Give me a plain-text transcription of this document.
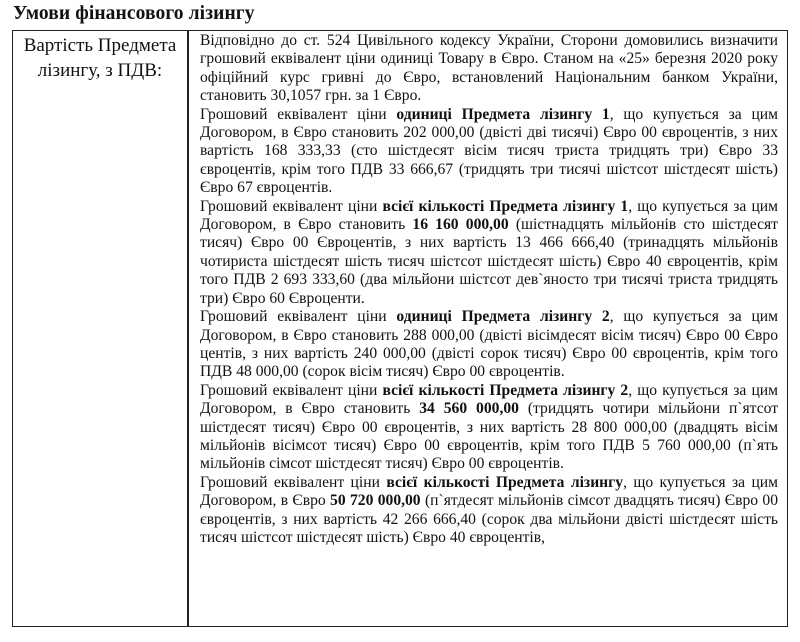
Умови фінансового лізингу
Вартість Предмета лізингу, з ПДВ:

Відповідно до ст. 524 Цивільного кодексу України, Сторони домовились визначити грошовий еквівалент ціни одиниці Товару в Євро. Станом на «25» березня 2020 року офіційний курс гривні до Євро, встановлений Національним банком України, становить 30,1057 грн. за 1 Євро.

Грошовий еквівалент ціни одиниці Предмета лізингу 1, що купується за цим Договором, в Євро становить 202 000,00 (двісті дві тисячі) Євро 00 євроцентів, з них вартість 168 333,33 (сто шістдесят вісім тисяч триста тридцять три) Євро 33 євроцентів, крім того ПДВ 33 666,67 (тридцять три тисячі шістсот шістдесят шість) Євро 67 євроцентів.

Грошовий еквівалент ціни всієї кількості Предмета лізингу 1, що купується за цим Договором, в Євро становить 16 160 000,00 (шістнадцять мільйонів сто шістдесят тисяч) Євро 00 Євроцентів, з них вартість 13 466 666,40 (тринадцять мільйонів чотириста шістдесят шість тисяч шістсот шістдесят шість) Євро 40 євроцентів, крім того ПДВ 2 693 333,60 (два мільйони шістсот дев`яносто три тисячі триста тридцять три) Євро 60 Євроценти.

Грошовий еквівалент ціни одиниці Предмета лізингу 2, що купується за цим Договором, в Євро становить 288 000,00 (двісті вісімдесят вісім тисяч) Євро 00 Євро центів, з них вартість 240 000,00 (двісті сорок тисяч) Євро 00 євроцентів, крім того ПДВ 48 000,00 (сорок вісім тисяч) Євро 00 євроцентів.

Грошовий еквівалент ціни всієї кількості Предмета лізингу 2, що купується за цим Договором, в Євро становить 34 560 000,00 (тридцять чотири мільйони п`ятсот шістдесят тисяч) Євро 00 євроцентів, з них вартість 28 800 000,00 (двадцять вісім мільйонів вісімсот тисяч) Євро 00 євроцентів, крім того ПДВ 5 760 000,00 (п`ять мільйонів сімсот шістдесят тисяч) Євро 00 євроцентів.

Грошовий еквівалент ціни всієї кількості Предмета лізингу, що купується за цим Договором, в Євро 50 720 000,00 (п`ятдесят мільйонів сімсот двадцять тисяч) Євро 00 євроцентів, з них вартість 42 266 666,40 (сорок два мільйони двісті шістдесят шість тисяч шістсот шістдесят шість) Євро 40 євроцентів,
